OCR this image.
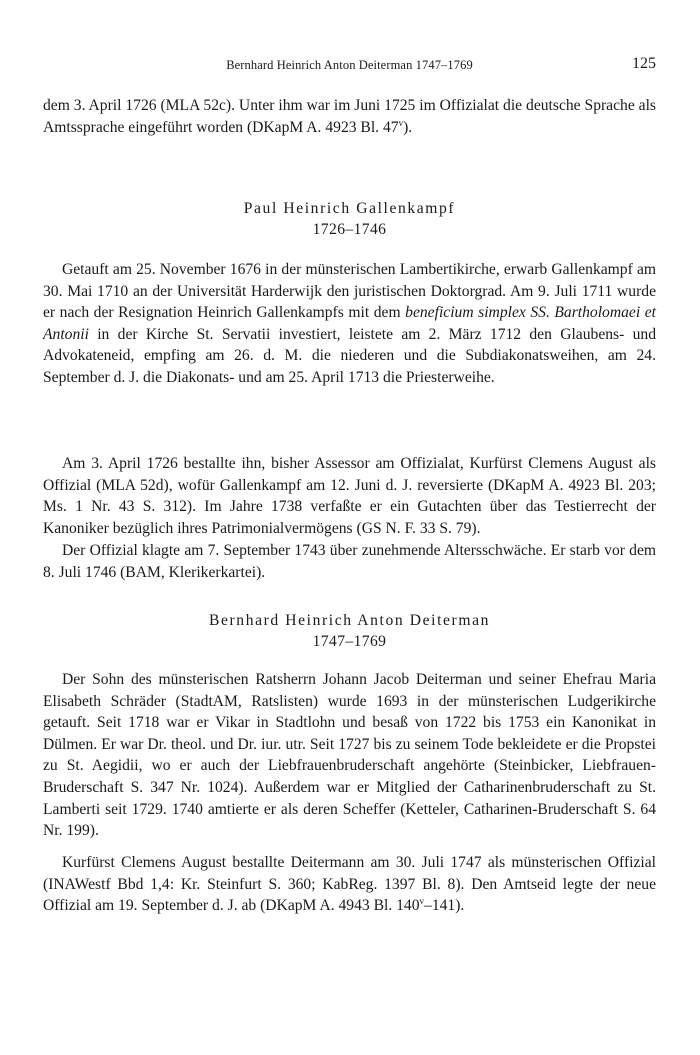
Bernhard Heinrich Anton Deiterman 1747–1769	125
dem 3. April 1726 (MLA 52c). Unter ihm war im Juni 1725 im Offizialat die deutsche Sprache als Amtssprache eingeführt worden (DKapM A. 4923 Bl. 47$^v$).
Paul Heinrich Gallenkampf
1726–1746
Getauft am 25. November 1676 in der münsterischen Lambertikirche, erwarb Gallenkampf am 30. Mai 1710 an der Universität Harderwijk den juristischen Doktorgrad. Am 9. Juli 1711 wurde er nach der Resignation Heinrich Gallenkampfs mit dem beneficium simplex SS. Bartholomaei et Antonii in der Kirche St. Servatii investiert, leistete am 2. März 1712 den Glaubens- und Advokateneid, empfing am 26. d. M. die niederen und die Subdiakonatsweihen, am 24. September d. J. die Diakonats- und am 25. April 1713 die Priesterweihe.
Am 3. April 1726 bestallte ihn, bisher Assessor am Offizialat, Kurfürst Clemens August als Offizial (MLA 52d), wofür Gallenkampf am 12. Juni d. J. reversierte (DKapM A. 4923 Bl. 203; Ms. 1 Nr. 43 S. 312). Im Jahre 1738 verfaßte er ein Gutachten über das Testierrecht der Kanoniker bezüglich ihres Patrimonialvermögens (GS N. F. 33 S. 79).
Der Offizial klagte am 7. September 1743 über zunehmende Altersschwäche. Er starb vor dem 8. Juli 1746 (BAM, Klerikerkartei).
Bernhard Heinrich Anton Deiterman
1747–1769
Der Sohn des münsterischen Ratsherrn Johann Jacob Deiterman und seiner Ehefrau Maria Elisabeth Schräder (StadtAM, Ratslisten) wurde 1693 in der münsterischen Ludgerikirche getauft. Seit 1718 war er Vikar in Stadtlohn und besaß von 1722 bis 1753 ein Kanonikat in Dülmen. Er war Dr. theol. und Dr. iur. utr. Seit 1727 bis zu seinem Tode bekleidete er die Propstei zu St. Aegidii, wo er auch der Liebfrauenbruderschaft angehörte (Steinbicker, Liebfrauen-Bruderschaft S. 347 Nr. 1024). Außerdem war er Mitglied der Catharinenbruderschaft zu St. Lamberti seit 1729. 1740 amtierte er als deren Scheffer (Ketteler, Catharinen-Bruderschaft S. 64 Nr. 199).
Kurfürst Clemens August bestallte Deitermann am 30. Juli 1747 als münsterischen Offizial (INAWestf Bbd 1,4: Kr. Steinfurt S. 360; KabReg. 1397 Bl. 8). Den Amtseid legte der neue Offizial am 19. September d. J. ab (DKapM A. 4943 Bl. 140$^v$–141).
